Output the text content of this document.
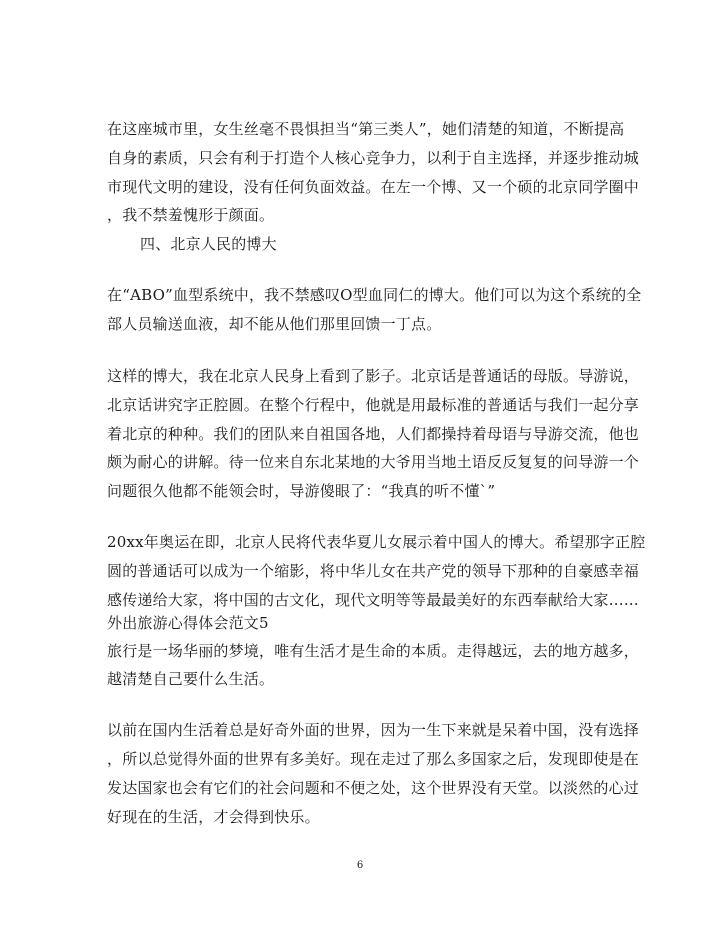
在这座城市里，女生丝毫不畏惧担当“第三类人”，她们清楚的知道，不断提高
自身的素质，只会有利于打造个人核心竞争力，以利于自主选择，并逐步推动城
市现代文明的建设，没有任何负面效益。在左一个博、又一个硕的北京同学圈中
，我不禁羞愧形于颜面。
四、北京人民的博大
在“ABO”血型系统中，我不禁感叹O型血同仁的博大。他们可以为这个系统的全
部人员输送血液，却不能从他们那里回馈一丁点。
这样的博大，我在北京人民身上看到了影子。北京话是普通话的母版。导游说，
北京话讲究字正腔圆。在整个行程中，他就是用最标准的普通话与我们一起分享
着北京的种种。我们的团队来自祖国各地，人们都操持着母语与导游交流，他也
颇为耐心的讲解。待一位来自东北某地的大爷用当地土语反反复复的问导游一个
问题很久他都不能领会时，导游傻眼了：“我真的听不懂`”
20xx年奥运在即，北京人民将代表华夏儿女展示着中国人的博大。希望那字正腔
圆的普通话可以成为一个缩影，将中华儿女在共产党的领导下那种的自豪感幸福
感传递给大家，将中国的古文化，现代文明等等最最美好的东西奉献给大家……
外出旅游心得体会范文5
旅行是一场华丽的梦境，唯有生活才是生命的本质。走得越远，去的地方越多，
越清楚自己要什么生活。
以前在国内生活着总是好奇外面的世界，因为一生下来就是呆着中国，没有选择
，所以总觉得外面的世界有多美好。现在走过了那么多国家之后，发现即使是在
发达国家也会有它们的社会问题和不便之处，这个世界没有天堂。以淡然的心过
好现在的生活，才会得到快乐。
6
